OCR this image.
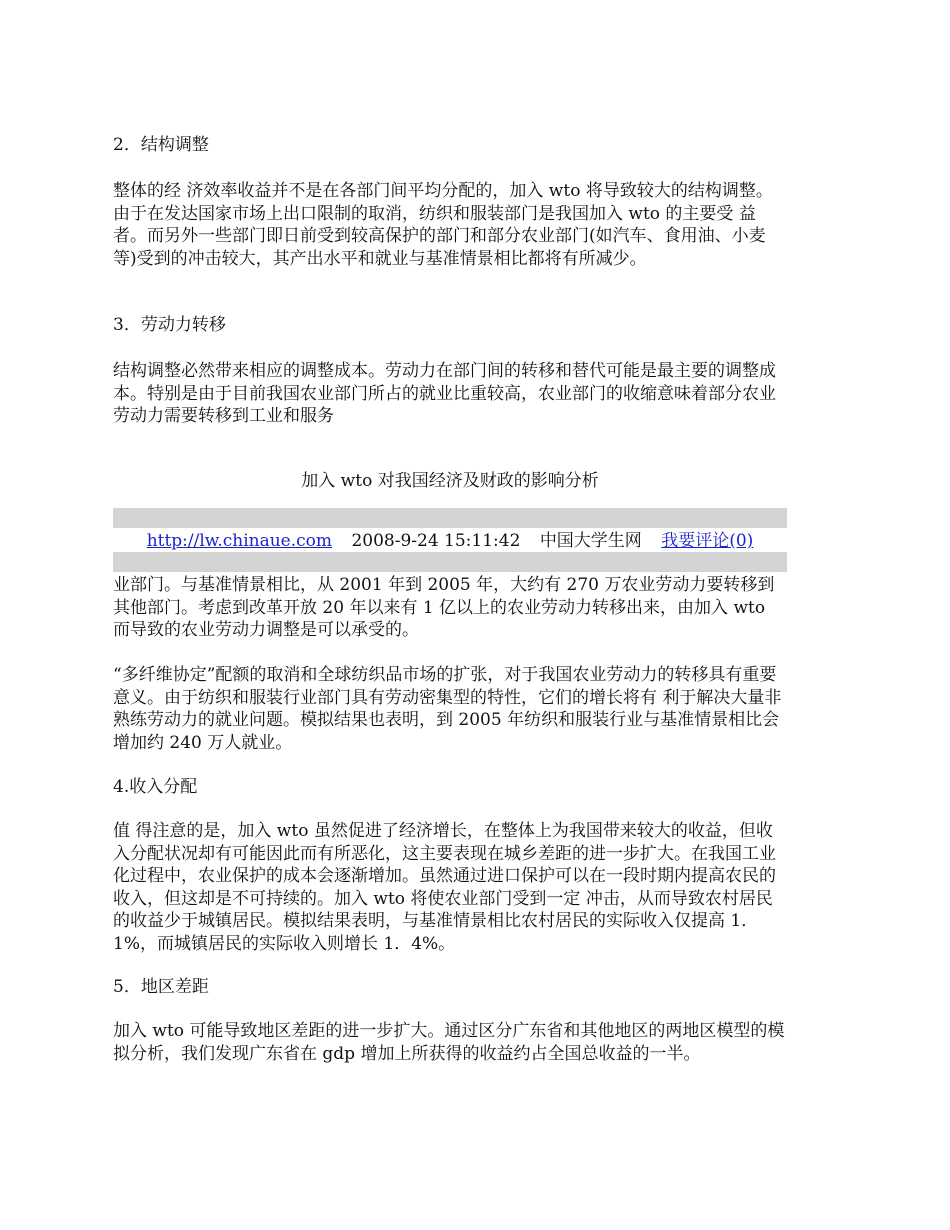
2．结构调整

整体的经 济效率收益并不是在各部门间平均分配的，加入 wto 将导致较大的结构调整。由于在发达国家市场上出口限制的取消，纺织和服装部门是我国加入 wto 的主要受 益者。而另外一些部门即日前受到较高保护的部门和部分农业部门(如汽车、食用油、小麦等)受到的冲击较大，其产出水平和就业与基准情景相比都将有所减少。

3．劳动力转移

结构调整必然带来相应的调整成本。劳动力在部门间的转移和替代可能是最主要的调整成本。特别是由于目前我国农业部门所占的就业比重较高，农业部门的收缩意味着部分农业劳动力需要转移到工业和服务

加入 wto 对我国经济及财政的影响分析
http://lw.chinaue.com 2008-9-24 15:11:42 中国大学生网 我要评论(0)

业部门。与基准情景相比，从 2001 年到 2005 年，大约有 270 万农业劳动力要转移到其他部门。考虑到改革开放 20 年以来有 1 亿以上的农业劳动力转移出来，由加入 wto 而导致的农业劳动力调整是可以承受的。

“多纤维协定”配额的取消和全球纺织品市场的扩张，对于我国农业劳动力的转移具有重要意义。由于纺织和服装行业部门具有劳动密集型的特性，它们的增长将有 利于解决大量非熟练劳动力的就业问题。模拟结果也表明，到 2005 年纺织和服装行业与基准情景相比会增加约 240 万人就业。

4.收入分配

值 得注意的是，加入 wto 虽然促进了经济增长，在整体上为我国带来较大的收益，但收入分配状况却有可能因此而有所恶化，这主要表现在城乡差距的进一步扩大。在我国工业化过程中，农业保护的成本会逐渐增加。虽然通过进口保护可以在一段时期内提高农民的收入，但这却是不可持续的。加入 wto 将使农业部门受到一定 冲击，从而导致农村居民的收益少于城镇居民。模拟结果表明，与基准情景相比农村居民的实际收入仅提高 1．1%，而城镇居民的实际收入则增长 1．4%。

5．地区差距

加入 wto 可能导致地区差距的进一步扩大。通过区分广东省和其他地区的两地区模型的模拟分析，我们发现广东省在 gdp 增加上所获得的收益约占全国总收益的一半。
